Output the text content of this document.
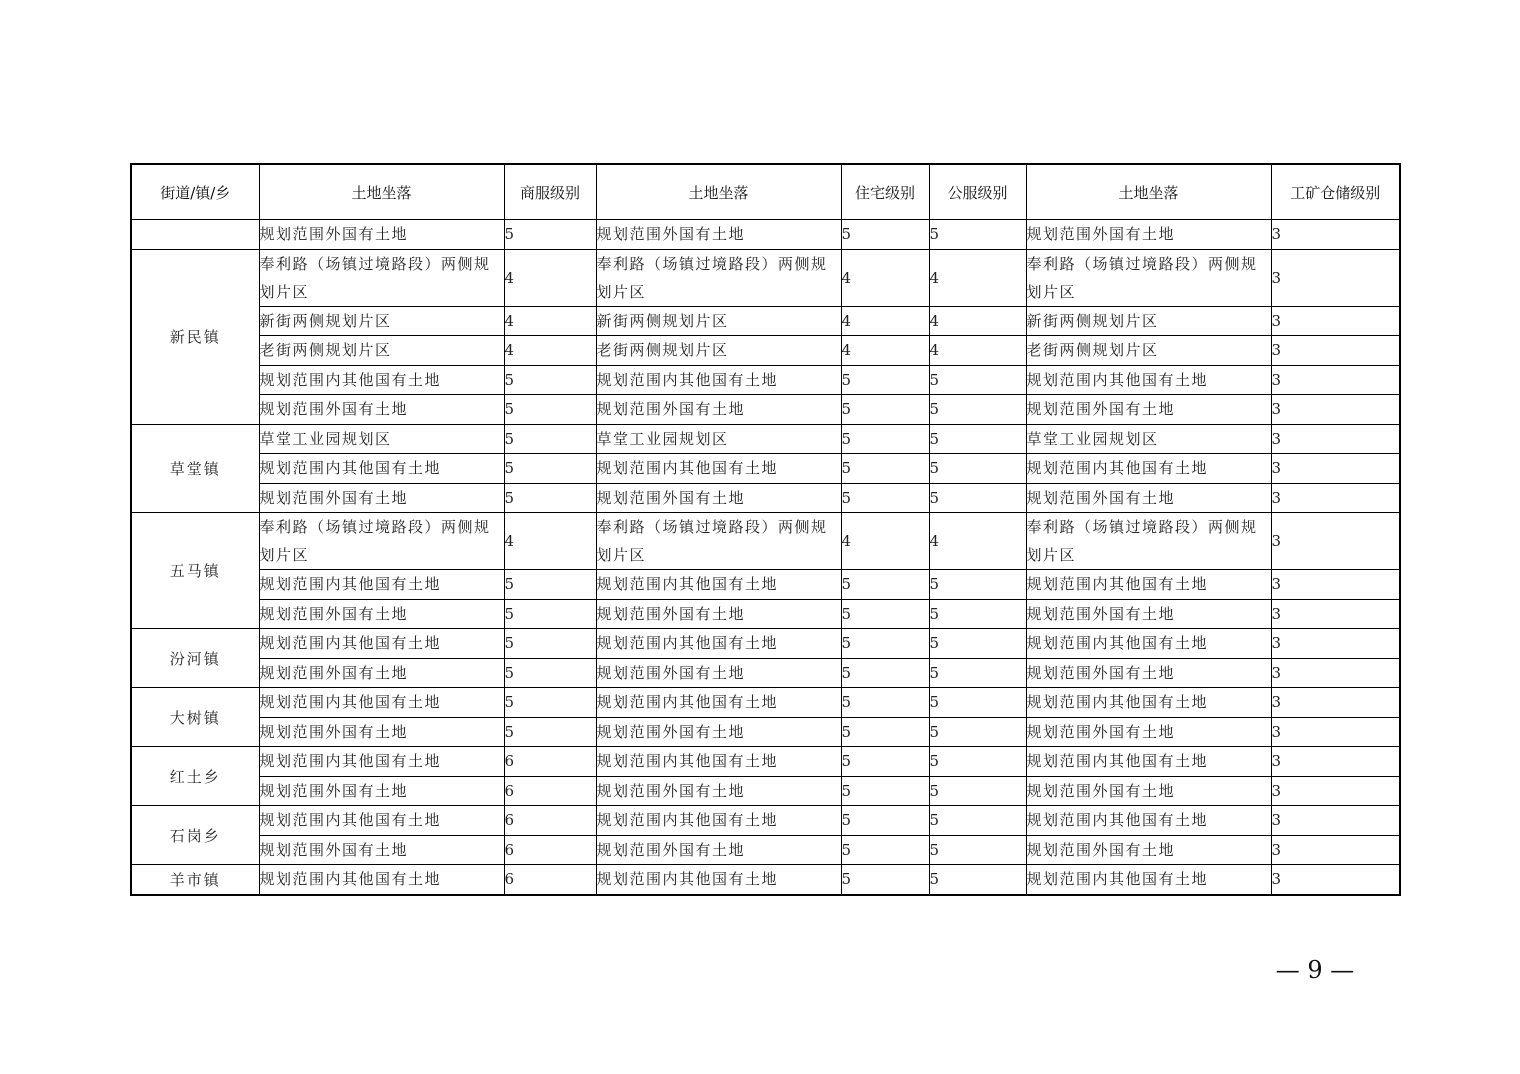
街道/镇/乡	土地坐落	商服级别	土地坐落	住宅级别	公服级别	土地坐落	工矿仓储级别
	规划范围外国有土地	5	规划范围外国有土地	5	5	规划范围外国有土地	3
新民镇	奉利路（场镇过境路段）两侧规划片区	4	奉利路（场镇过境路段）两侧规划片区	4	4	奉利路（场镇过境路段）两侧规划片区	3
	新街两侧规划片区	4	新街两侧规划片区	4	4	新街两侧规划片区	3
	老街两侧规划片区	4	老街两侧规划片区	4	4	老街两侧规划片区	3
	规划范围内其他国有土地	5	规划范围内其他国有土地	5	5	规划范围内其他国有土地	3
	规划范围外国有土地	5	规划范围外国有土地	5	5	规划范围外国有土地	3
草堂镇	草堂工业园规划区	5	草堂工业园规划区	5	5	草堂工业园规划区	3
	规划范围内其他国有土地	5	规划范围内其他国有土地	5	5	规划范围内其他国有土地	3
	规划范围外国有土地	5	规划范围外国有土地	5	5	规划范围外国有土地	3
五马镇	奉利路（场镇过境路段）两侧规划片区	4	奉利路（场镇过境路段）两侧规划片区	4	4	奉利路（场镇过境路段）两侧规划片区	3
	规划范围内其他国有土地	5	规划范围内其他国有土地	5	5	规划范围内其他国有土地	3
	规划范围外国有土地	5	规划范围外国有土地	5	5	规划范围外国有土地	3
汾河镇	规划范围内其他国有土地	5	规划范围内其他国有土地	5	5	规划范围内其他国有土地	3
	规划范围外国有土地	5	规划范围外国有土地	5	5	规划范围外国有土地	3
大树镇	规划范围内其他国有土地	5	规划范围内其他国有土地	5	5	规划范围内其他国有土地	3
	规划范围外国有土地	5	规划范围外国有土地	5	5	规划范围外国有土地	3
红土乡	规划范围内其他国有土地	6	规划范围内其他国有土地	5	5	规划范围内其他国有土地	3
	规划范围外国有土地	6	规划范围外国有土地	5	5	规划范围外国有土地	3
石岗乡	规划范围内其他国有土地	6	规划范围内其他国有土地	5	5	规划范围内其他国有土地	3
	规划范围外国有土地	6	规划范围外国有土地	5	5	规划范围外国有土地	3
羊市镇	规划范围内其他国有土地	6	规划范围内其他国有土地	5	5	规划范围内其他国有土地	3
— 9 —
